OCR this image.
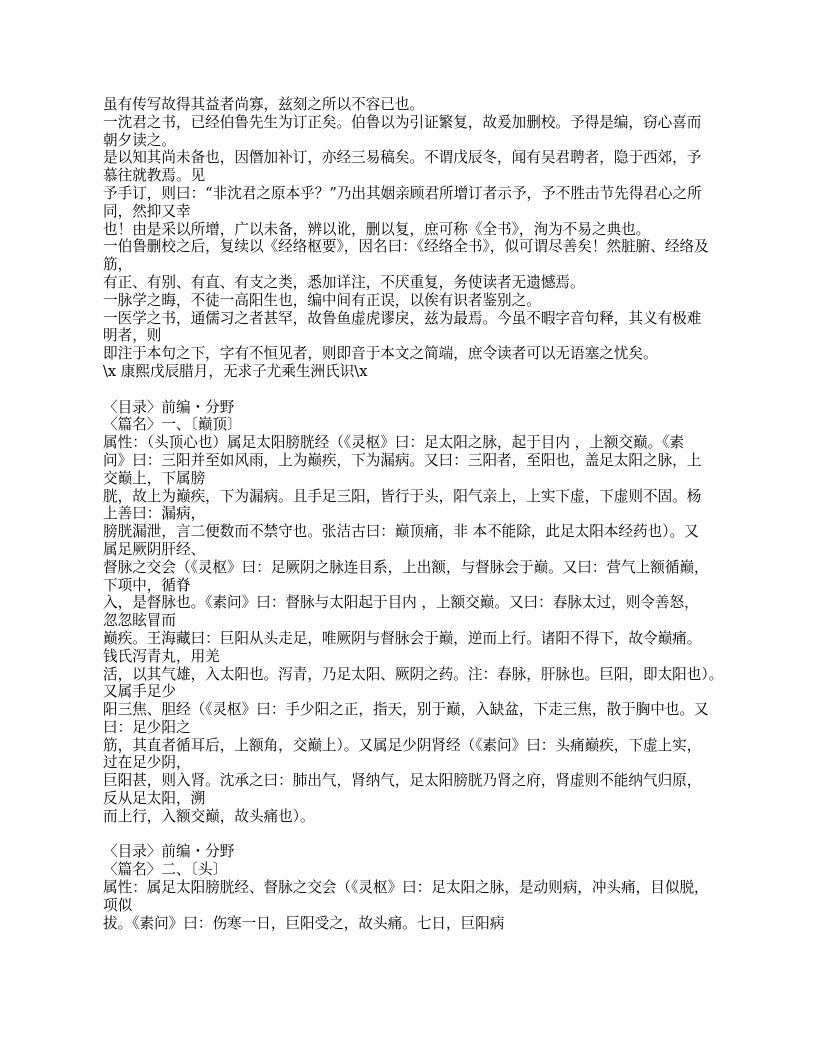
虽有传写故得其益者尚寡，兹刻之所以不容已也。
一沈君之书，已经伯鲁先生为订正矣。伯鲁以为引证繁复，故爰加删校。予得是编，窃心喜而
朝夕读之。
是以知其尚未备也，因僭加补订，亦经三易稿矣。不谓戊辰冬，闻有吴君聘者，隐于西郊，予
慕往就教焉。见
予手订，则曰：“非沈君之原本乎？”乃出其姻亲顾君所增订者示予，予不胜击节先得君心之所
同，然抑又幸
也！由是采以所增，广以未备，辨以讹，删以复，庶可称《全书》，洵为不易之典也。
一伯鲁删校之后，复续以《经络枢要》，因名曰：《经络全书》，似可谓尽善矣！然脏腑、经络及
筋，
有正、有别、有直、有支之类，悉加详注，不厌重复，务使读者无遗憾焉。
一脉学之晦，不徒一高阳生也，编中间有正误，以俟有识者鉴别之。
一医学之书，通儒习之者甚罕，故鲁鱼虚虎谬戾，兹为最焉。今虽不暇字音句释，其义有极难
明者，则
即注于本句之下，字有不恒见者，则即音于本文之简端，庶令读者可以无语塞之忧矣。
\x 康熙戊辰腊月，无求子尤乘生洲氏识\x
〈目录〉前编・分野
〈篇名〉一、〔巅顶〕
属性：（头顶心也）属足太阳膀胱经（《灵枢》曰：足太阳之脉，起于目内 ，上额交巅。《素
问》曰：三阳并至如风雨，上为巅疾，下为漏病。又曰：三阳者，至阳也，盖足太阳之脉，上
交巅上，下属膀
胱，故上为巅疾，下为漏病。且手足三阳，皆行于头，阳气亲上，上实下虚，下虚则不固。杨
上善曰：漏病，
膀胱漏泄，言二便数而不禁守也。张洁古曰：巅顶痛，非 本不能除，此足太阳本经药也）。又
属足厥阴肝经、
督脉之交会（《灵枢》曰：足厥阴之脉连目系，上出额，与督脉会于巅。又曰：营气上额循巅，
下项中，循脊
入，是督脉也。《素问》曰：督脉与太阳起于目内 ，上额交巅。又曰：春脉太过，则令善怒，
忽忽眩冒而
巅疾。王海藏曰：巨阳从头走足，唯厥阴与督脉会于巅，逆而上行。诸阳不得下，故令巅痛。
钱氏泻青丸，用羌
活，以其气雄，入太阳也。泻青，乃足太阳、厥阴之药。注：春脉，肝脉也。巨阳，即太阳也）。
又属手足少
阳三焦、胆经（《灵枢》曰：手少阳之正，指天，别于巅，入缺盆，下走三焦，散于胸中也。又
曰：足少阳之
筋，其直者循耳后，上额角，交巅上）。又属足少阴肾经（《素问》曰：头痛巅疾，下虚上实，
过在足少阴，
巨阳甚，则入肾。沈承之曰：肺出气，肾纳气，足太阳膀胱乃肾之府，肾虚则不能纳气归原，
反从足太阳，溯
而上行，入额交巅，故头痛也）。
〈目录〉前编・分野
〈篇名〉二、〔头〕
属性：属足太阳膀胱经、督脉之交会（《灵枢》曰：足太阳之脉，是动则病，冲头痛，目似脱，
项似
拔。《素问》曰：伤寒一日，巨阳受之，故头痛。七日，巨阳病
